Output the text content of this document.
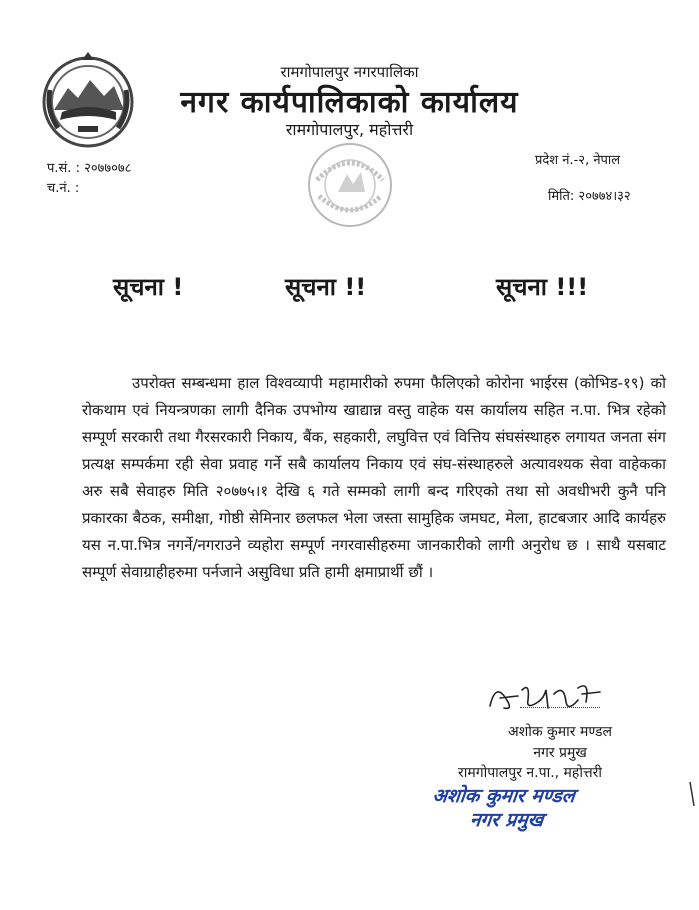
रामगोपालपुर नगरपालिका
नगर कार्यपालिकाको कार्यालय
रामगोपालपुर, महोत्तरी
प.सं. : २०७७०७८
च.नं. :
प्रदेश नं.-२, नेपाल
मिति: २०७७४।३२
सूचना !	सूचना !!	सूचना !!!

उपरोक्त सम्बन्धमा हाल विश्वव्यापी महामारीको रुपमा फैलिएको कोरोना भाईरस (कोभिड-१९) को रोकथाम एवं नियन्त्रणका लागी दैनिक उपभोग्य खाद्यान्न वस्तु वाहेक यस कार्यालय सहित न.पा. भित्र रहेको सम्पूर्ण सरकारी तथा गैरसरकारी निकाय, बैंक, सहकारी, लघुवित्त एवं वित्तिय संघसंस्थाहरु लगायत जनता संग प्रत्यक्ष सम्पर्कमा रही सेवा प्रवाह गर्ने सबै कार्यालय निकाय एवं संघ-संस्थाहरुले अत्यावश्यक सेवा वाहेकका अरु सबै सेवाहरु मिति २०७७५।१ देखि ६ गते सम्मको लागी बन्द गरिएको तथा सो अवधीभरी कुनै पनि प्रकारका बैठक, समीक्षा, गोष्ठी सेमिनार छलफल भेला जस्ता सामुहिक जमघट, मेला, हाटबजार आदि कार्यहरु यस न.पा.भित्र नगर्ने/नगराउने व्यहोरा सम्पूर्ण नगरवासीहरुमा जानकारीको लागी अनुरोध छ । साथै यसबाट सम्पूर्ण सेवाग्राहीहरुमा पर्नजाने असुविधा प्रति हामी क्षमाप्रार्थी छौं ।

अशोक कुमार मण्डल
नगर प्रमुख
रामगोपालपुर न.पा., महोत्तरी
अशोक कुमार मण्डल
नगर प्रमुख
